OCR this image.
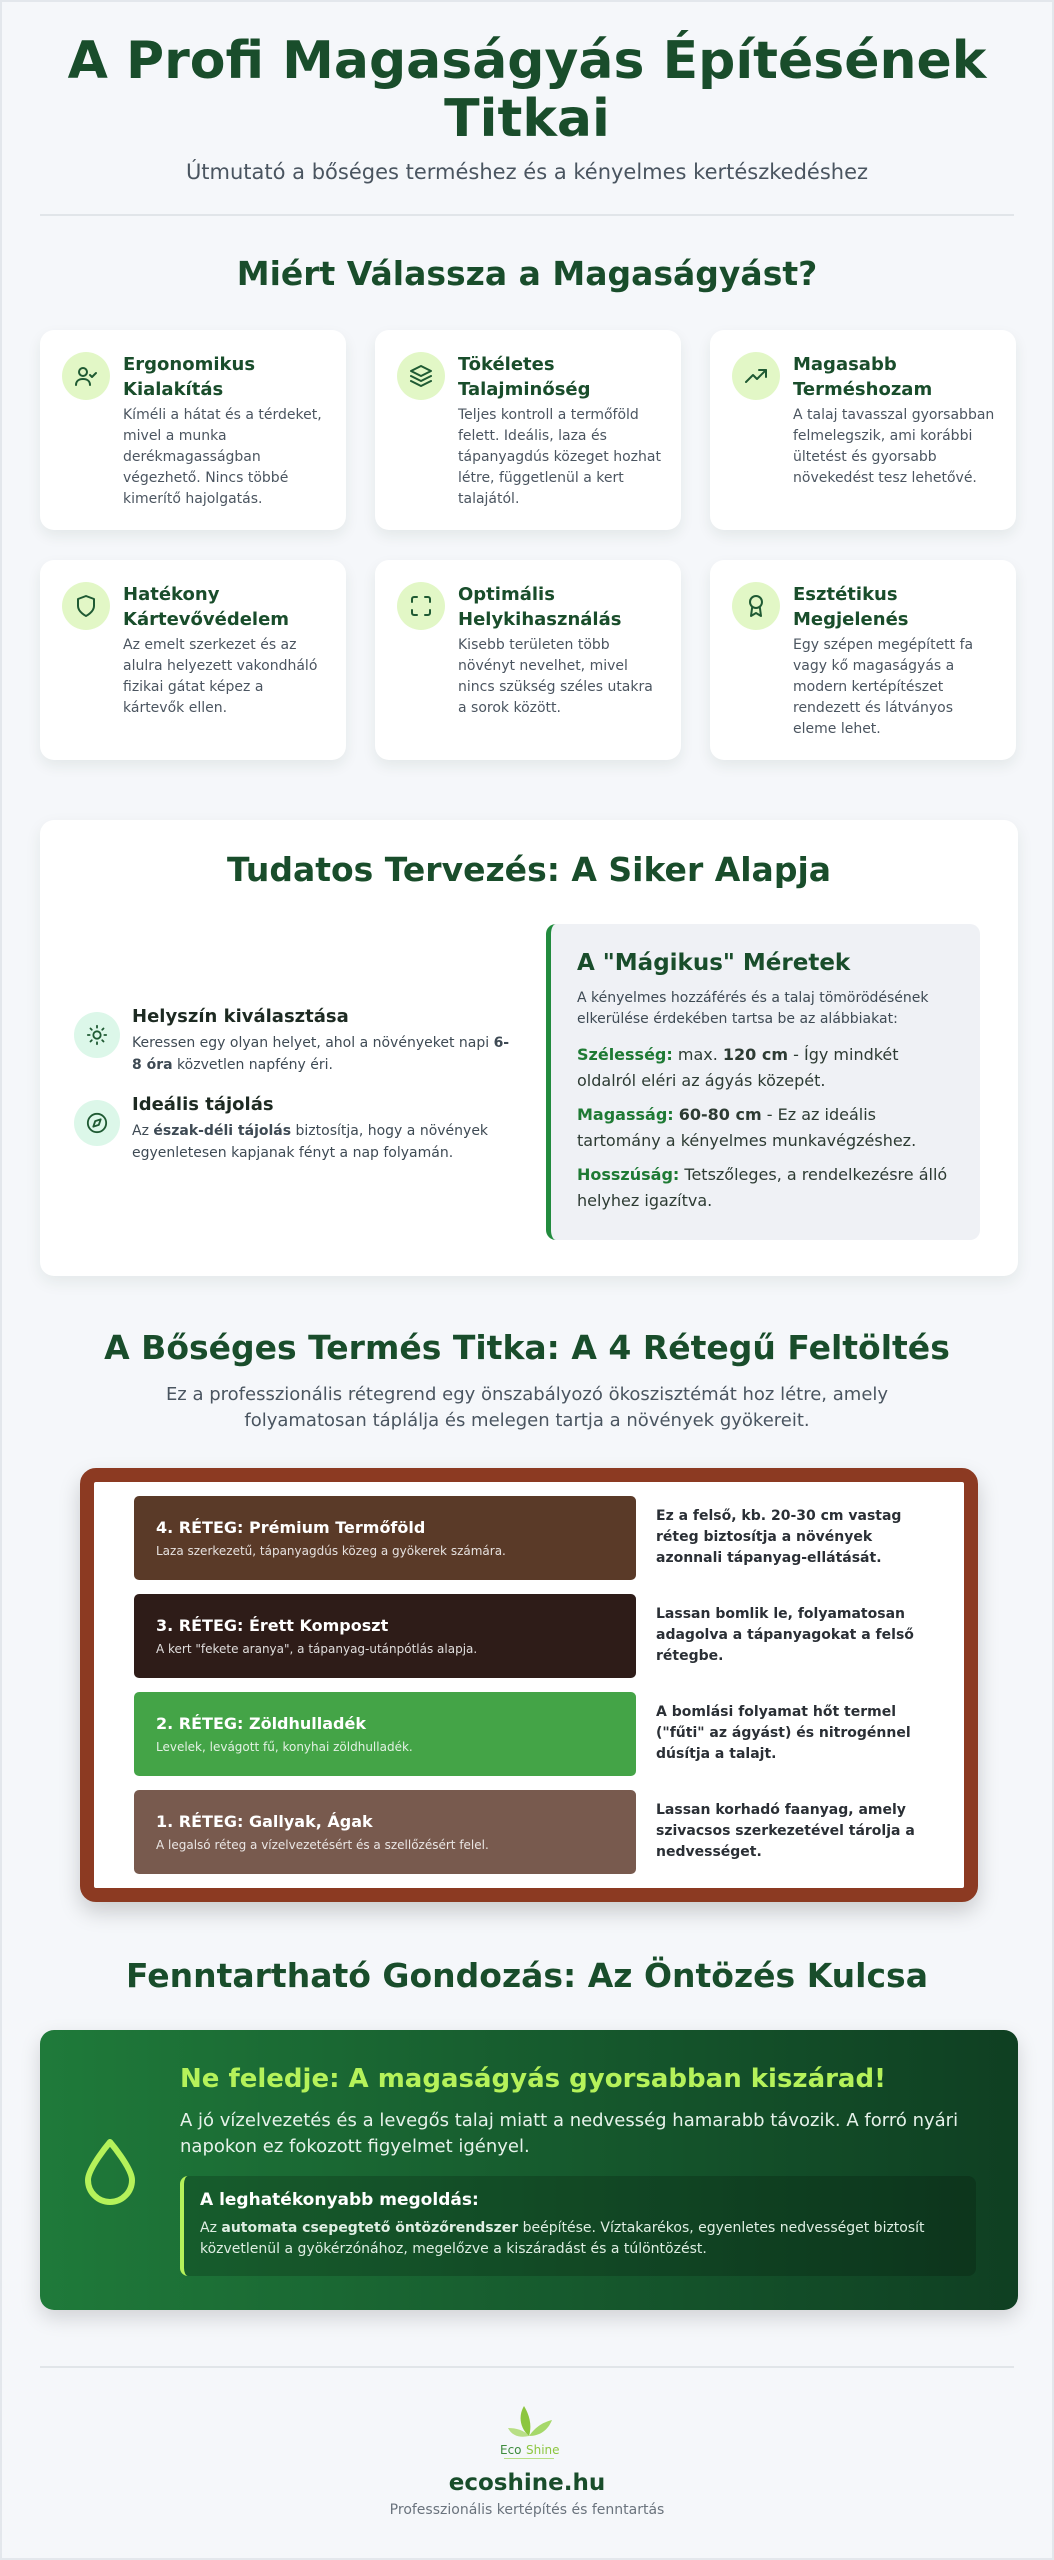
A Profi Magaságyás Építésének Titkai

Útmutató a bőséges terméshez és a kényelmes kertészkedéshez

Miért Válassza a Magaságyást?
Ergonomikus Kialakítás
Kíméli a hátat és a térdeket, mivel a munka derékmagasságban végezhető. Nincs többé kimerítő hajolgatás.
Tökéletes Talajminőség
Teljes kontroll a termőföld felett. Ideális, laza és tápanyagdús közeget hozhat létre, függetlenül a kert talajától.
Magasabb Terméshozam
A talaj tavasszal gyorsabban felmelegszik, ami korábbi ültetést és gyorsabb növekedést tesz lehetővé.
Hatékony Kártevővédelem
Az emelt szerkezet és az alulra helyezett vakondháló fizikai gátat képez a kártevők ellen.
Optimális Helykihasználás
Kisebb területen több növényt nevelhet, mivel nincs szükség széles utakra a sorok között.
Esztétikus Megjelenés
Egy szépen megépített fa vagy kő magaságyás a modern kertépítészet rendezett és látványos eleme lehet.
Tudatos Tervezés: A Siker Alapja
Helyszín kiválasztása
Keressen egy olyan helyet, ahol a növényeket napi 6-8 óra közvetlen napfény éri.
Ideális tájolás
Az észak-déli tájolás biztosítja, hogy a növények egyenletesen kapjanak fényt a nap folyamán.
A "Mágikus" Méretek
A kényelmes hozzáférés és a talaj tömörödésének elkerülése érdekében tartsa be az alábbiakat:
Szélesség: max. 120 cm - Így mindkét oldalról eléri az ágyás közepét.
Magasság: 60-80 cm - Ez az ideális tartomány a kényelmes munkavégzéshez.
Hosszúság: Tetszőleges, a rendelkezésre álló helyhez igazítva.
A Bőséges Termés Titka: A 4 Rétegű Feltöltés

Ez a professzionális rétegrend egy önszabályozó ökoszisztémát hoz létre, amely folyamatosan táplálja és melegen tartja a növények gyökereit.

4. RÉTEG: Prémium Termőföld
Laza szerkezetű, tápanyagdús közeg a gyökerek számára.
Ez a felső, kb. 20-30 cm vastag réteg biztosítja a növények azonnali tápanyag-ellátását.
3. RÉTEG: Érett Komposzt
A kert "fekete aranya", a tápanyag-utánpótlás alapja.
Lassan bomlik le, folyamatosan adagolva a tápanyagokat a felső rétegbe.
2. RÉTEG: Zöldhulladék
Levelek, levágott fű, konyhai zöldhulladék.
A bomlási folyamat hőt termel ("fűti" az ágyást) és nitrogénnel dúsítja a talajt.
1. RÉTEG: Gallyak, Ágak
A legalsó réteg a vízelvezetésért és a szellőzésért felel.
Lassan korhadó faanyag, amely szivacsos szerkezetével tárolja a nedvességet.
Fenntartható Gondozás: Az Öntözés Kulcsa
Ne feledje: A magaságyás gyorsabban kiszárad!
A jó vízelvezetés és a levegős talaj miatt a nedvesség hamarabb távozik. A forró nyári napokon ez fokozott figyelmet igényel.
A leghatékonyabb megoldás:
Az automata csepegtető öntözőrendszer beépítése. Víztakarékos, egyenletes nedvességet biztosít közvetlenül a gyökérzónához, megelőzve a kiszáradást és a túlöntözést.
Eco Shine
ecoshine.hu
Professzionális kertépítés és fenntartás
